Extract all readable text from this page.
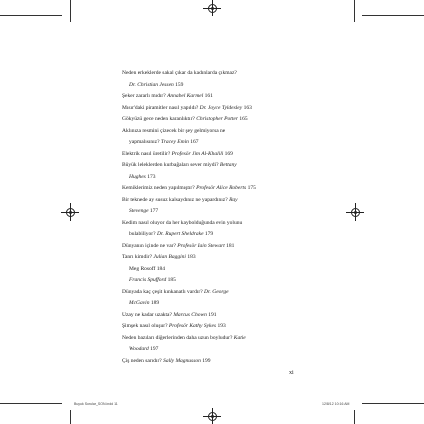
Neden erkeklerde sakal çıkar da kadınlarda çıkmaz?
Dr. Christian Jessen 159
Şeker zararlı mıdır? Annabel Karmel 161
Mısır'daki piramitler nasıl yapıldı? Dr. Joyce Tyldesley 163
Gökyüzü gece neden karanlıktır? Christopher Potter 165
Aklınıza resmini çizecek bir şey gelmiyorsa ne
yapmalısınız? Tracey Emin 167
Elektrik nasıl üretilir? Profesör Jim Al-Khalili 169
Büyük leleklerden kurbağaları sever miydi? Bettany
Hughes 173
Kemiklerimiz neden yapılmıştır? Profesör Alice Roberts 175
Bir teknede ay susuz kalsaydınız ne yapardınız? Ray
Stevenge 177
Kedim nasıl oluyor da her kaybolduğunda evin yolunu
bulabiliyor? Dr. Rupert Sheldrake 179
Dünyanın içinde ne var? Profesör Iain Stewart 181
Tanrı kimdir? Julian Baggini 183
Meg Rosoff 184
Francis Spufford 185
Dünyada kaç çeşit kınkanatlı vardır? Dr. George
McGavin 189
Uzay ne kadar uzakta? Marcus Chown 191
Şimşek nasıl oluşur? Profesör Kathy Sykes 193
Neden bazıları diğerlerinden daha uzun boyludur? Katie
Woodard 197
Çiş neden sarıdır? Sally Magnusson 199
xi
Buyuk Sorular_SON.indd 11	12/8/12 10:16 AM
